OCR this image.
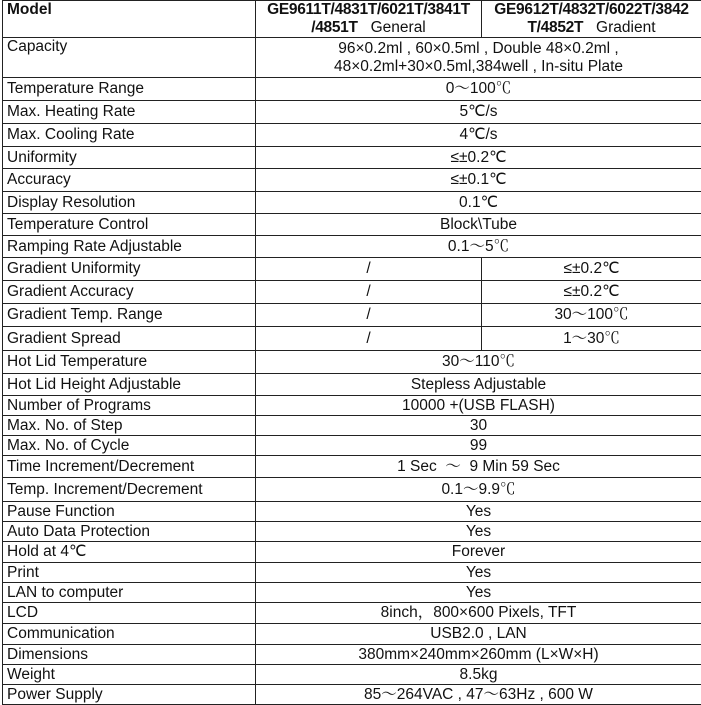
Model	GE9611T/4831T/6021T/3841T
/4851T General	GE9612T/4832T/6022T/3842
T/4852T Gradient
Capacity	96×0.2ml , 60×0.5ml , Double 48×0.2ml ,
48×0.2ml+30×0.5ml,384well , In-situ Plate	
Temperature Range	0～100℃	
Max. Heating Rate	5℃/s	
Max. Cooling Rate	4℃/s	
Uniformity	≤±0.2℃	
Accuracy	≤±0.1℃	
Display Resolution	0.1℃	
Temperature Control	Block\Tube	
Ramping Rate Adjustable	0.1～5℃	
Gradient Uniformity	/	≤±0.2℃
Gradient Accuracy	/	≤±0.2℃
Gradient Temp. Range	/	30～100℃
Gradient Spread	/	1～30℃
Hot Lid Temperature	30～110℃	
Hot Lid Height Adjustable	Stepless Adjustable	
Number of Programs	10000 +(USB FLASH)	
Max. No. of Step	30	
Max. No. of Cycle	99	
Time Increment/Decrement	1 Sec  ～  9 Min 59 Sec	
Temp. Increment/Decrement	0.1～9.9℃	
Pause Function	Yes	
Auto Data Protection	Yes	
Hold at 4℃	Forever	
Print	Yes	
LAN to computer	Yes	
LCD	8inch，800×600 Pixels, TFT	
Communication	USB2.0 , LAN	
Dimensions	380mm×240mm×260mm (L×W×H)	
Weight	8.5kg	
Power Supply	85～264VAC , 47～63Hz , 600 W	
